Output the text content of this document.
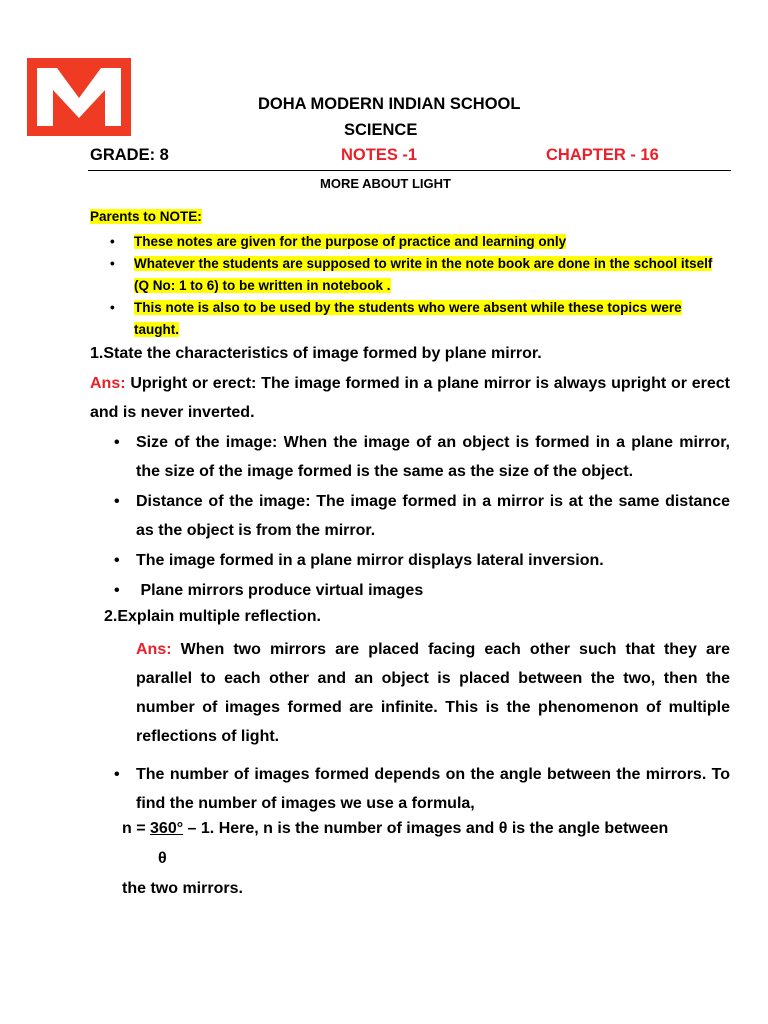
DOHA MODERN INDIAN SCHOOL
SCIENCE
GRADE: 8	NOTES -1	CHAPTER - 16
MORE ABOUT LIGHT
Parents to NOTE:
• These notes are given for the purpose of practice and learning only
• Whatever the students are supposed to write in the note book are done in the school itself (Q No: 1 to 6) to be written in notebook .
• This note is also to be used by the students who were absent while these topics were taught.
1.State the characteristics of image formed by plane mirror.
Ans: Upright or erect: The image formed in a plane mirror is always upright or erect and is never inverted.
• Size of the image: When the image of an object is formed in a plane mirror, the size of the image formed is the same as the size of the object.
• Distance of the image: The image formed in a mirror is at the same distance as the object is from the mirror.
• The image formed in a plane mirror displays lateral inversion.
•  Plane mirrors produce virtual images
2.Explain multiple reflection.
Ans: When two mirrors are placed facing each other such that they are parallel to each other and an object is placed between the two, then the number of images formed are infinite. This is the phenomenon of multiple reflections of light.
• The number of images formed depends on the angle between the mirrors. To find the number of images we use a formula,
n = 360° – 1. Here, n is the number of images and θ is the angle between
θ
the two mirrors.
